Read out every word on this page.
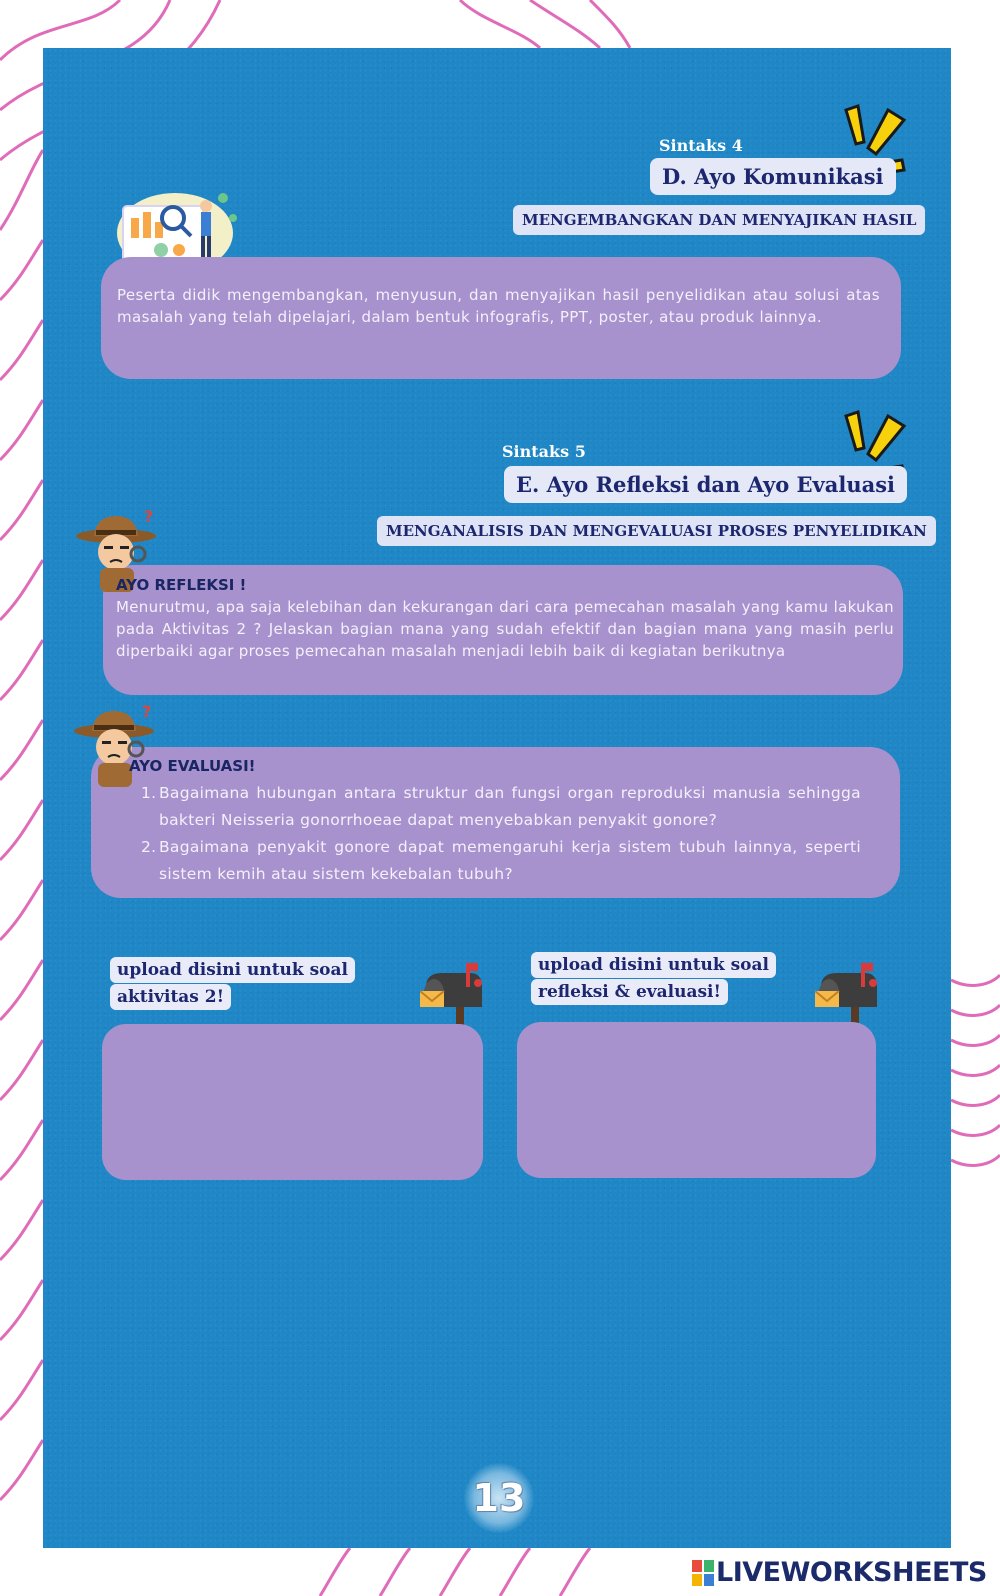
Sintaks 4
D. Ayo Komunikasi
MENGEMBANGKAN DAN MENYAJIKAN HASIL
Peserta didik mengembangkan, menyusun, dan menyajikan hasil penyelidikan atau solusi atas masalah yang telah dipelajari, dalam bentuk infografis, PPT, poster, atau produk lainnya.
Sintaks 5
E. Ayo Refleksi dan Ayo Evaluasi
MENGANALISIS DAN MENGEVALUASI PROSES PENYELIDIKAN
?
AYO REFLEKSI !
Menurutmu, apa saja kelebihan dan kekurangan dari cara pemecahan masalah yang kamu lakukan pada Aktivitas 2 ? Jelaskan bagian mana yang sudah efektif dan bagian mana yang masih perlu diperbaiki agar proses pemecahan masalah menjadi lebih baik di kegiatan berikutnya
?
AYO EVALUASI!
1. Bagaimana hubungan antara struktur dan fungsi organ reproduksi manusia sehingga bakteri Neisseria gonorrhoeae dapat menyebabkan penyakit gonore?
2. Bagaimana penyakit gonore dapat memengaruhi kerja sistem tubuh lainnya, seperti sistem kemih atau sistem kekebalan tubuh?
upload disini untuk soal
aktivitas 2!
upload disini untuk soal
refleksi & evaluasi!
13
LIVEWORKSHEETS
